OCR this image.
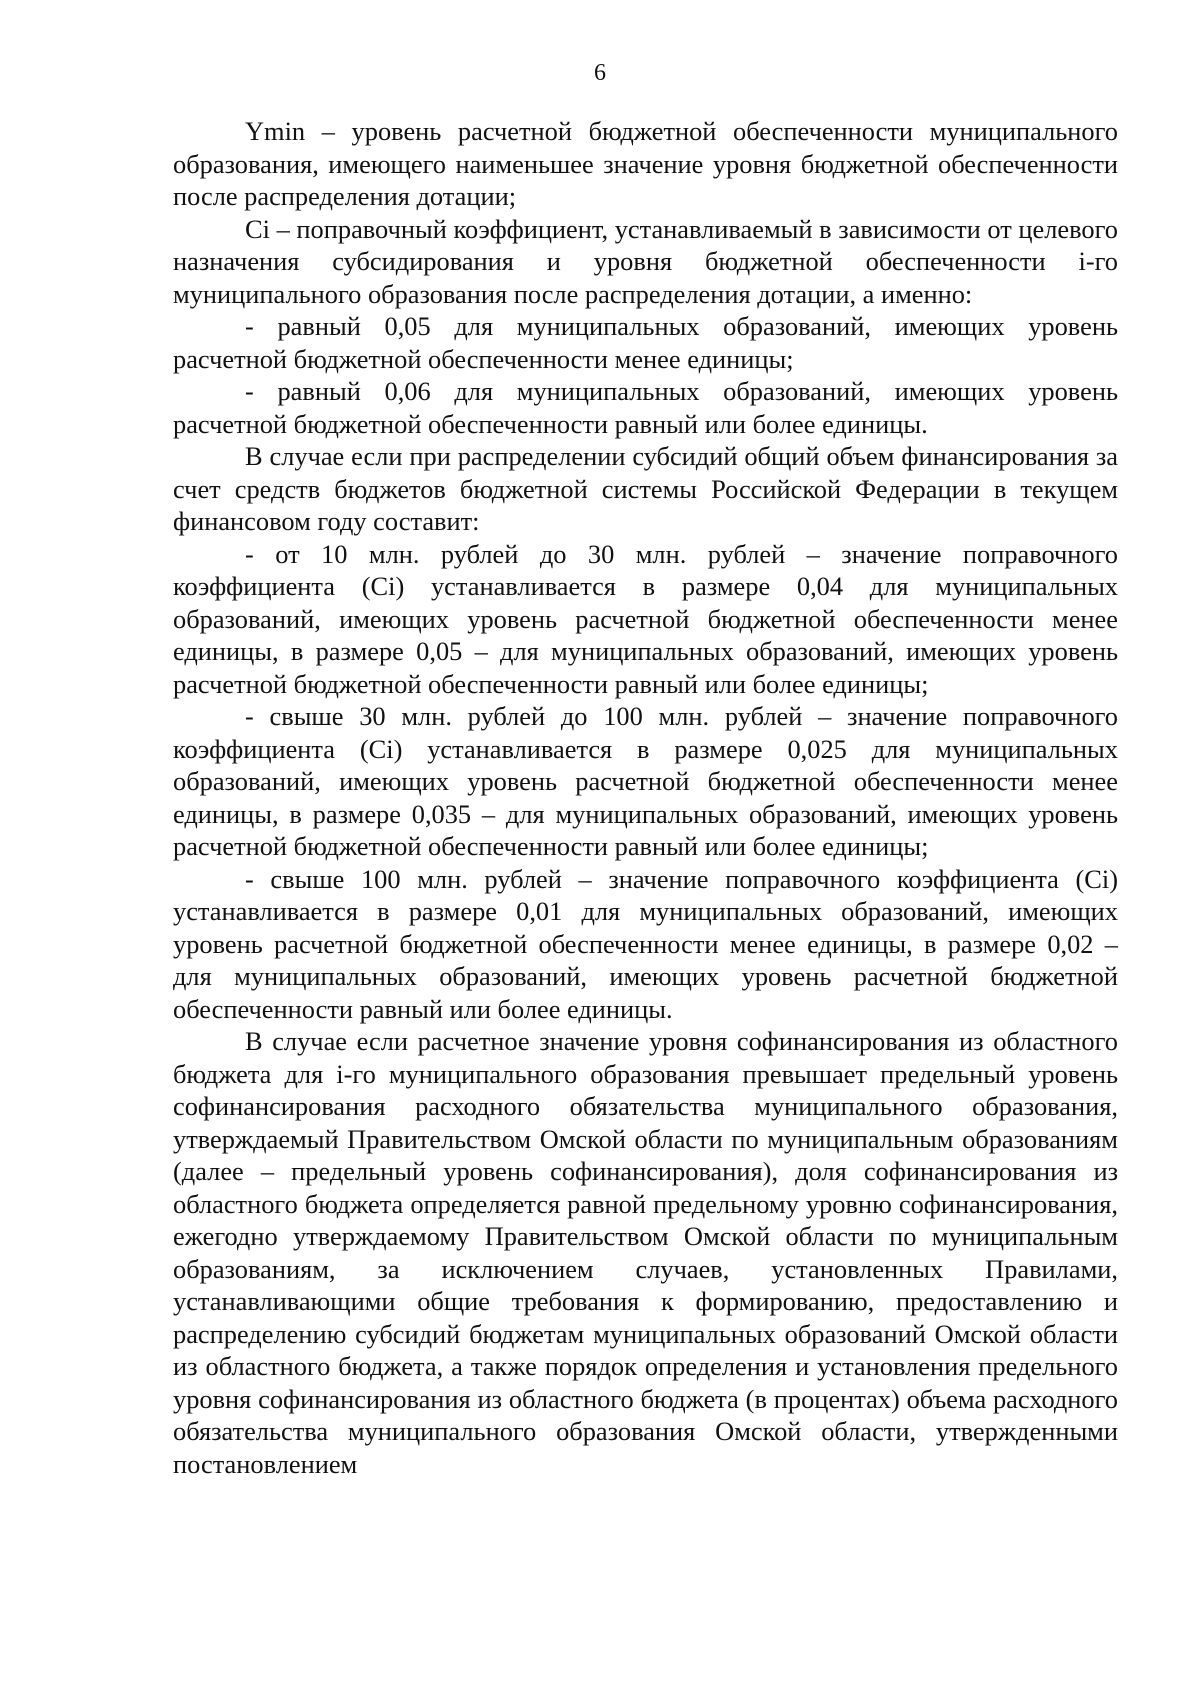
6

Ymin – уровень расчетной бюджетной обеспеченности муниципального образования, имеющего наименьшее значение уровня бюджетной обеспеченности после распределения дотации;

Ci – поправочный коэффициент, устанавливаемый в зависимости от целевого назначения субсидирования и уровня бюджетной обеспеченности i-го муниципального образования после распределения дотации, а именно:

- равный 0,05 для муниципальных образований, имеющих уровень расчетной бюджетной обеспеченности менее единицы;

- равный 0,06 для муниципальных образований, имеющих уровень расчетной бюджетной обеспеченности равный или более единицы.

В случае если при распределении субсидий общий объем финансирования за счет средств бюджетов бюджетной системы Российской Федерации в текущем финансовом году составит:

- от 10 млн. рублей до 30 млн. рублей – значение поправочного коэффициента (Ci) устанавливается в размере 0,04 для муниципальных образований, имеющих уровень расчетной бюджетной обеспеченности менее единицы, в размере 0,05 – для муниципальных образований, имеющих уровень расчетной бюджетной обеспеченности равный или более единицы;

- свыше 30 млн. рублей до 100 млн. рублей – значение поправочного коэффициента (Ci) устанавливается в размере 0,025 для муниципальных образований, имеющих уровень расчетной бюджетной обеспеченности менее единицы, в размере 0,035 – для муниципальных образований, имеющих уровень расчетной бюджетной обеспеченности равный или более единицы;

- свыше 100 млн. рублей – значение поправочного коэффициента (Ci) устанавливается в размере 0,01 для муниципальных образований, имеющих уровень расчетной бюджетной обеспеченности менее единицы, в размере 0,02 – для муниципальных образований, имеющих уровень расчетной бюджетной обеспеченности равный или более единицы.

В случае если расчетное значение уровня софинансирования из областного бюджета для i-го муниципального образования превышает предельный уровень софинансирования расходного обязательства муниципального образования, утверждаемый Правительством Омской области по муниципальным образованиям (далее – предельный уровень софинансирования), доля софинансирования из областного бюджета определяется равной предельному уровню софинансирования, ежегодно утверждаемому Правительством Омской области по муниципальным образованиям, за исключением случаев, установленных Правилами, устанавливающими общие требования к формированию, предоставлению и распределению субсидий бюджетам муниципальных образований Омской области из областного бюджета, а также порядок определения и установления предельного уровня софинансирования из областного бюджета (в процентах) объема расходного обязательства муниципального образования Омской области, утвержденными постановлением
